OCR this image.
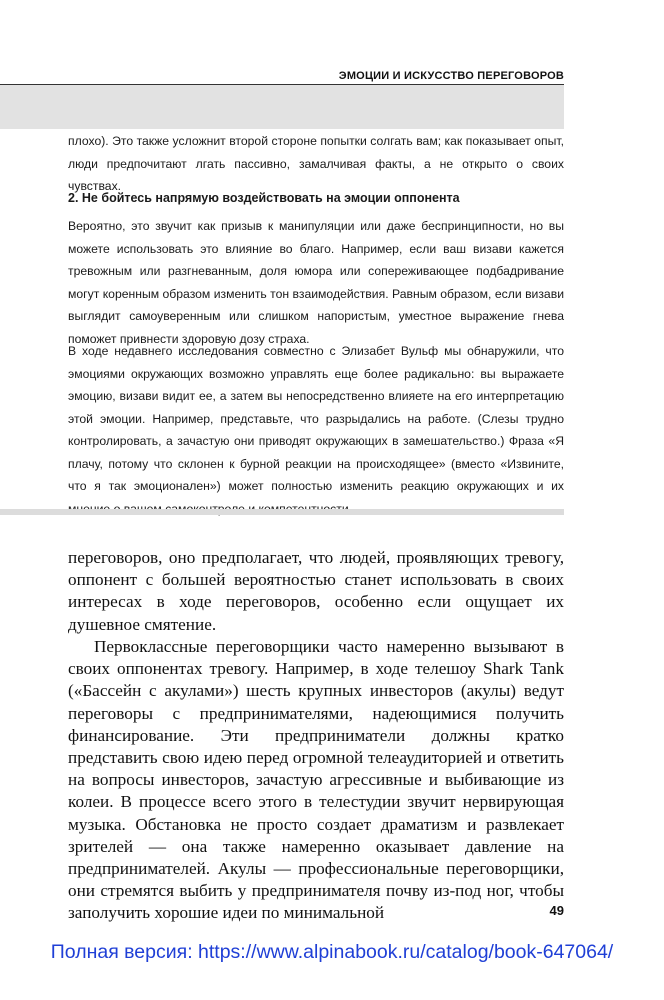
ЭМОЦИИ И ИСКУССТВО ПЕРЕГОВОРОВ

плохо). Это также усложнит второй стороне попытки солгать вам; как показывает опыт, люди предпочитают лгать пассивно, замалчивая факты, а не открыто о своих чувствах.

2. Не бойтесь напрямую воздействовать на эмоции оппонента

Вероятно, это звучит как призыв к манипуляции или даже беспринципности, но вы можете использовать это влияние во благо. Например, если ваш визави кажется тревожным или разгневанным, доля юмора или сопереживающее подбадривание могут коренным образом изменить тон взаимодействия. Равным образом, если визави выглядит самоуверенным или слишком напористым, уместное выражение гнева поможет привнести здоровую дозу страха.

В ходе недавнего исследования совместно с Элизабет Вульф мы обнаружили, что эмоциями окружающих возможно управлять еще более радикально: вы выражаете эмоцию, визави видит ее, а затем вы непосредственно влияете на его интерпретацию этой эмоции. Например, представьте, что разрыдались на работе. (Слезы трудно контролировать, а зачастую они приводят окружающих в замешательство.) Фраза «Я плачу, потому что склонен к бурной реакции на происходящее» (вместо «Извините, что я так эмоционален») может полностью изменить реакцию окружающих и их

переговоров, оно предполагает, что людей, проявляющих тревогу, оппонент с большей вероятностью станет использовать в своих интересах в ходе переговоров, особенно если ощущает их душевное смятение.

Первоклассные переговорщики часто намеренно вызывают в своих оппонентах тревогу. Например, в ходе телешоу Shark Tank («Бассейн с акулами») шесть крупных инвесторов (акулы) ведут переговоры с предпринимателями, надеющимися получить финансирование. Эти предприниматели должны кратко представить свою идею перед огромной телеаудиторией и ответить на вопросы инвесторов, зачастую агрессивные и выбивающие из колеи. В процессе всего этого в телестудии звучит нервирующая музыка. Обстановка не просто создает драматизм и развлекает зрителей — она также намеренно оказывает давление на предпринимателей. Акулы — профессиональные переговорщики, они стремятся выбить у предпринимателя почву из-под ног, чтобы заполучить хорошие идеи по минимальной	49
Полная версия: https://www.alpinabook.ru/catalog/book-647064/
